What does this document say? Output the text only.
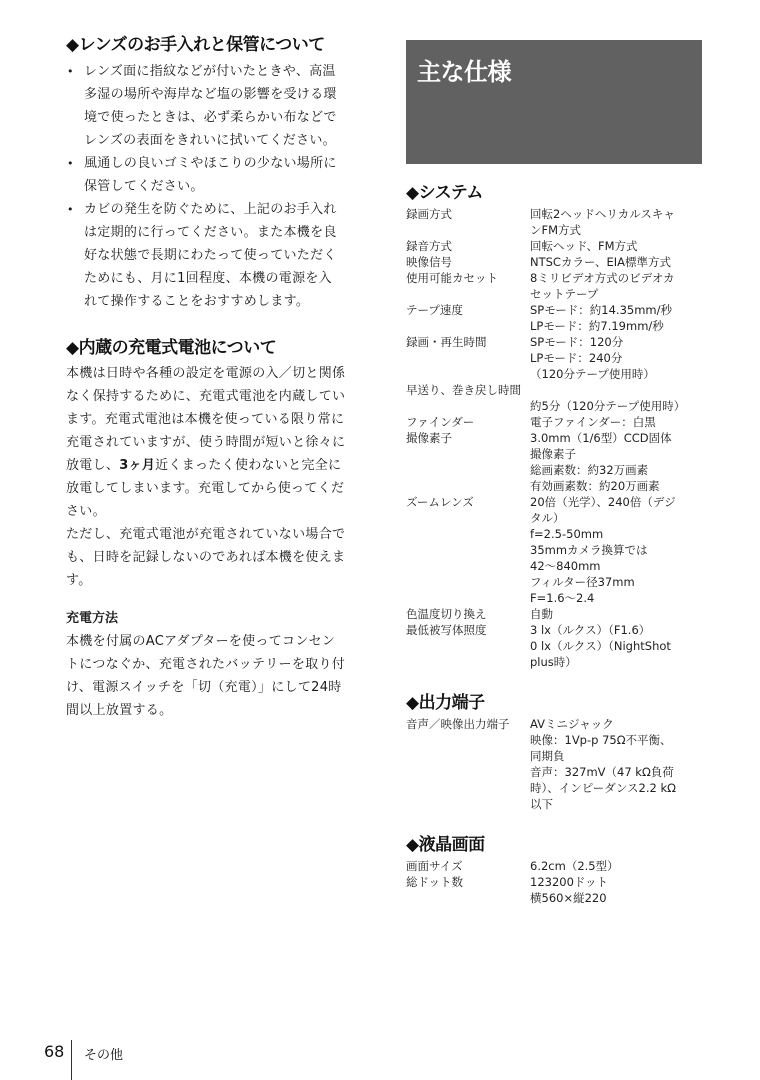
◆レンズのお手入れと保管について
• レンズ面に指紋などが付いたときや、高温
多湿の場所や海岸など塩の影響を受ける環
境で使ったときは、必ず柔らかい布などで
レンズの表面をきれいに拭いてください。
• 風通しの良いゴミやほこりの少ない場所に
保管してください。
• カビの発生を防ぐために、上記のお手入れ
は定期的に行ってください。また本機を良
好な状態で長期にわたって使っていただく
ためにも、月に1回程度、本機の電源を入
れて操作することをおすすめします。
◆内蔵の充電式電池について
本機は日時や各種の設定を電源の入／切と関係
なく保持するために、充電式電池を内蔵してい
ます。充電式電池は本機を使っている限り常に
充電されていますが、使う時間が短いと徐々に
放電し、3ヶ月近くまったく使わないと完全に
放電してしまいます。充電してから使ってくだ
さい。
ただし、充電式電池が充電されていない場合で
も、日時を記録しないのであれば本機を使えま
す。
充電方法
本機を付属のACアダプターを使ってコンセン
トにつなぐか、充電されたバッテリーを取り付
け、電源スイッチを「切（充電）」にして24時
間以上放置する。
主な仕様
◆システム
録画方式	回転2ヘッドヘリカルスキャ
ンFM方式
録音方式	回転ヘッド、FM方式
映像信号	NTSCカラー、EIA標準方式
使用可能カセット	8ミリビデオ方式のビデオカ
セットテープ
テープ速度	SPモード：約14.35mm/秒
LPモード：約7.19mm/秒
録画・再生時間	SPモード：120分
LPモード：240分
（120分テープ使用時）
早送り、巻き戻し時間
約5分（120分テープ使用時）
ファインダー	電子ファインダー：白黒
撮像素子	3.0mm（1/6型）CCD固体
撮像素子
総画素数：約32万画素
有効画素数：約20万画素
ズームレンズ	20倍（光学）、240倍（デジ
タル）
f=2.5-50mm
35mmカメラ換算では
42〜840mm
フィルター径37mm
F=1.6〜2.4
色温度切り換え	自動
最低被写体照度	3 lx（ルクス）（F1.6）
0 lx（ルクス）（NightShot
plus時）
◆出力端子
音声／映像出力端子	AVミニジャック
映像：1Vp-p 75Ω不平衡、
同期負
音声：327mV（47 kΩ負荷
時）、インピーダンス2.2 kΩ
以下
◆液晶画面
画面サイズ	6.2cm（2.5型）
総ドット数	123200ドット
横560×縦220
68 その他
